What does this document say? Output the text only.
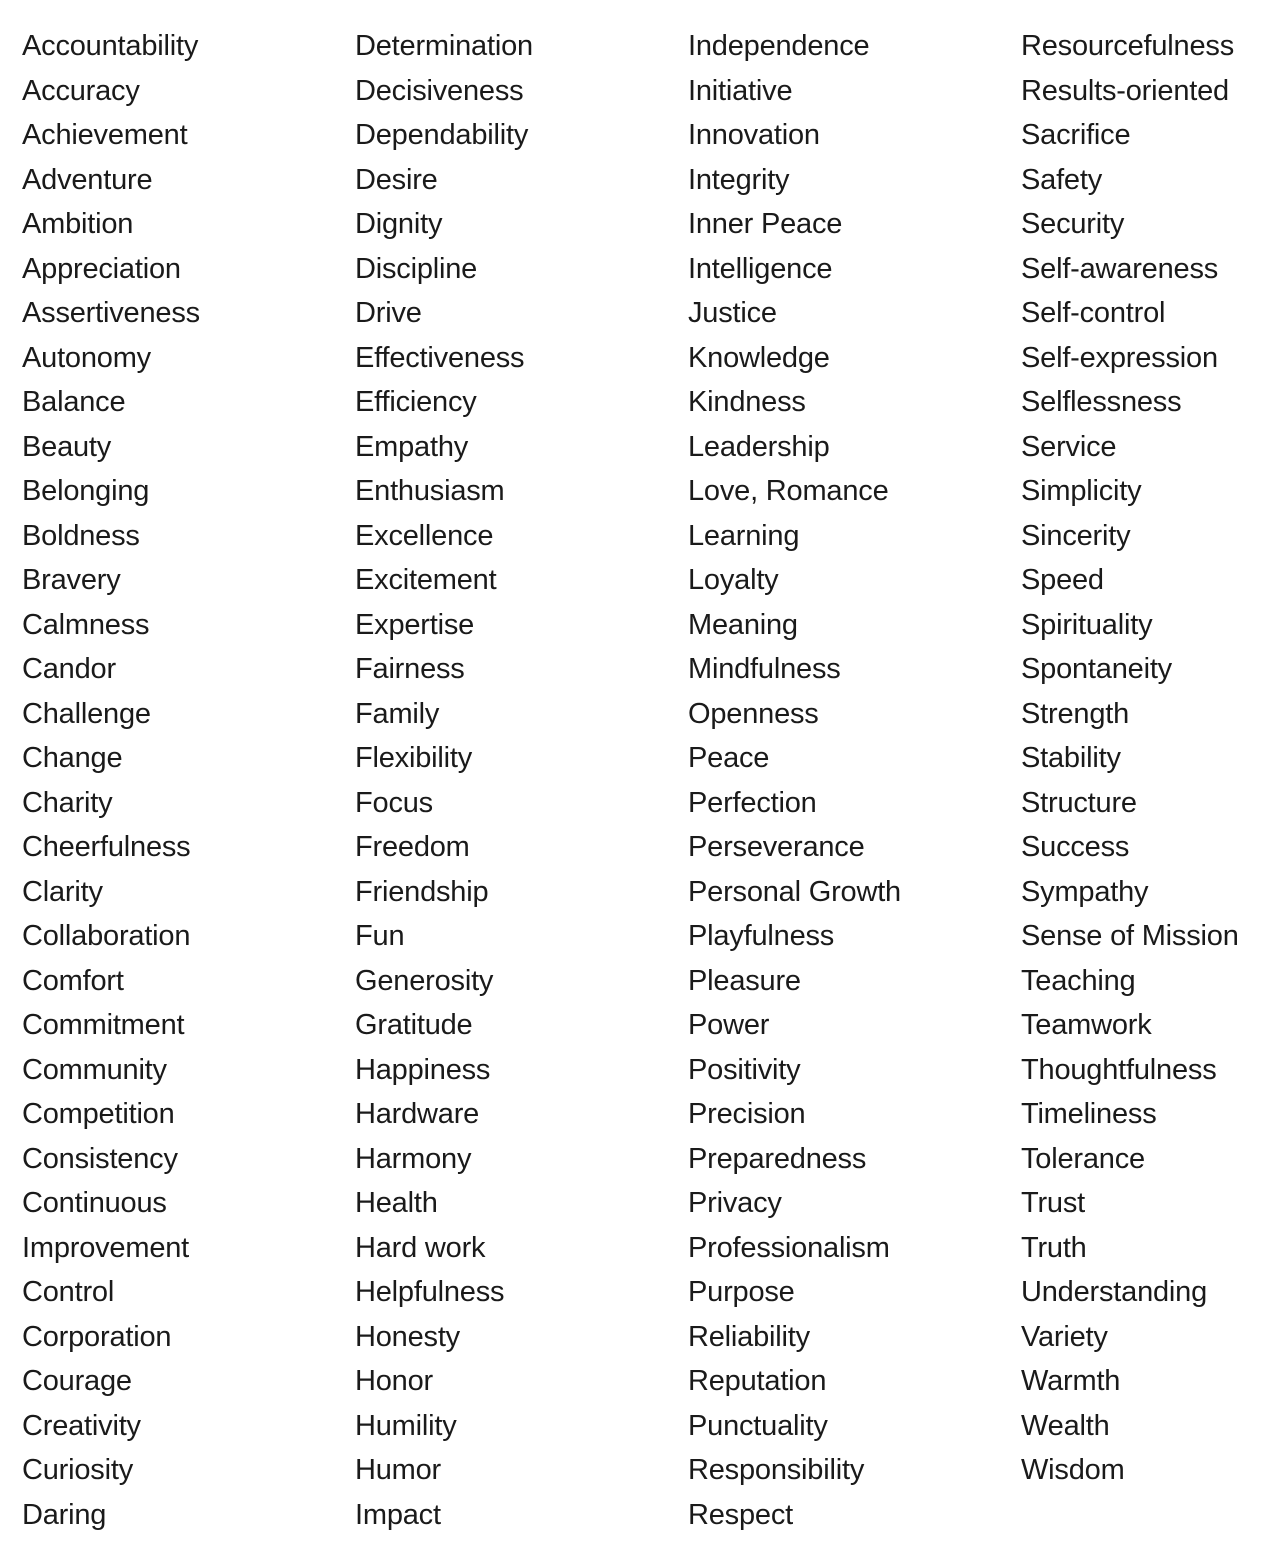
Accountability
Accuracy
Achievement
Adventure
Ambition
Appreciation
Assertiveness
Autonomy
Balance
Beauty
Belonging
Boldness
Bravery
Calmness
Candor
Challenge
Change
Charity
Cheerfulness
Clarity
Collaboration
Comfort
Commitment
Community
Competition
Consistency
Continuous
Improvement
Control
Corporation
Courage
Creativity
Curiosity
Daring
Determination
Decisiveness
Dependability
Desire
Dignity
Discipline
Drive
Effectiveness
Efficiency
Empathy
Enthusiasm
Excellence
Excitement
Expertise
Fairness
Family
Flexibility
Focus
Freedom
Friendship
Fun
Generosity
Gratitude
Happiness
Hardware
Harmony
Health
Hard work
Helpfulness
Honesty
Honor
Humility
Humor
Impact
Independence
Initiative
Innovation
Integrity
Inner Peace
Intelligence
Justice
Knowledge
Kindness
Leadership
Love, Romance
Learning
Loyalty
Meaning
Mindfulness
Openness
Peace
Perfection
Perseverance
Personal Growth
Playfulness
Pleasure
Power
Positivity
Precision
Preparedness
Privacy
Professionalism
Purpose
Reliability
Reputation
Punctuality
Responsibility
Respect
Resourcefulness
Results-oriented
Sacrifice
Safety
Security
Self-awareness
Self-control
Self-expression
Selflessness
Service
Simplicity
Sincerity
Speed
Spirituality
Spontaneity
Strength
Stability
Structure
Success
Sympathy
Sense of Mission
Teaching
Teamwork
Thoughtfulness
Timeliness
Tolerance
Trust
Truth
Understanding
Variety
Warmth
Wealth
Wisdom
